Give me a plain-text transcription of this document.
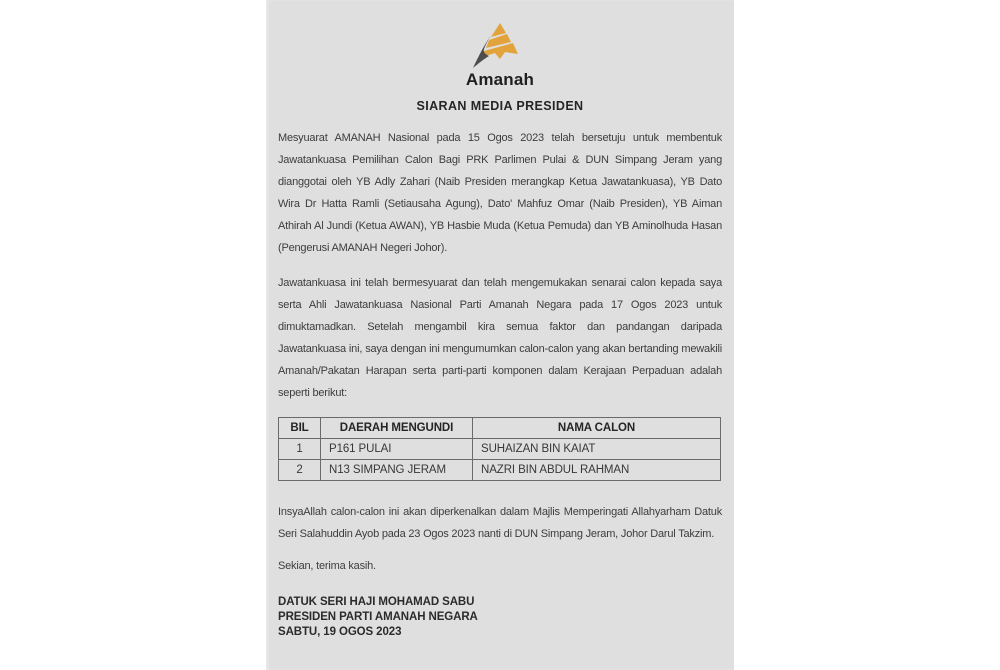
Amanah
SIARAN MEDIA PRESIDEN

Mesyuarat AMANAH Nasional pada 15 Ogos 2023 telah bersetuju untuk membentuk Jawatankuasa Pemilihan Calon Bagi PRK Parlimen Pulai & DUN Simpang Jeram yang dianggotai oleh YB Adly Zahari (Naib Presiden merangkap Ketua Jawatankuasa), YB Dato Wira Dr Hatta Ramli (Setiausaha Agung), Dato' Mahfuz Omar (Naib Presiden), YB Aiman Athirah Al Jundi (Ketua AWAN), YB Hasbie Muda (Ketua Pemuda) dan YB Aminolhuda Hasan (Pengerusi AMANAH Negeri Johor).

Jawatankuasa ini telah bermesyuarat dan telah mengemukakan senarai calon kepada saya serta Ahli Jawatankuasa Nasional Parti Amanah Negara pada 17 Ogos 2023 untuk dimuktamadkan. Setelah mengambil kira semua faktor dan pandangan daripada Jawatankuasa ini, saya dengan ini mengumumkan calon-calon yang akan bertanding mewakili Amanah/Pakatan Harapan serta parti-parti komponen dalam Kerajaan Perpaduan adalah seperti berikut:

BIL	DAERAH MENGUNDI	NAMA CALON
1	P161 PULAI	SUHAIZAN BIN KAIAT
2	N13 SIMPANG JERAM	NAZRI BIN ABDUL RAHMAN

InsyaAllah calon-calon ini akan diperkenalkan dalam Majlis Memperingati Allahyarham Datuk Seri Salahuddin Ayob pada 23 Ogos 2023 nanti di DUN Simpang Jeram, Johor Darul Takzim.

Sekian, terima kasih.

DATUK SERI HAJI MOHAMAD SABU
PRESIDEN PARTI AMANAH NEGARA
SABTU, 19 OGOS 2023
